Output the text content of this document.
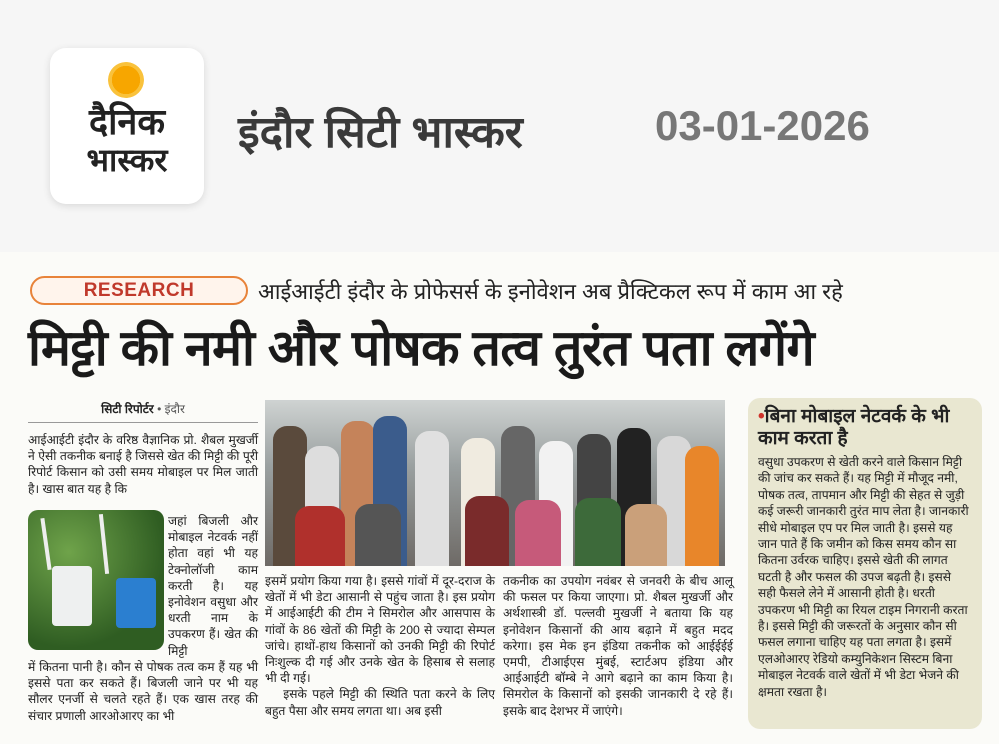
दैनिक
भास्कर
इंदौर सिटी भास्कर	03-01-2026
RESEARCH	आईआईटी इंदौर के प्रोफेसर्स के इनोवेशन अब प्रैक्टिकल रूप में काम आ रहे
मिट्टी की नमी और पोषक तत्व तुरंत पता लगेंगे
सिटी रिपोर्टर • इंदौर
आईआईटी इंदौर के वरिष्ठ वैज्ञानिक प्रो. शैबल मुखर्जी ने ऐसी तकनीक बनाई है जिससे खेत की मिट्टी की पूरी रिपोर्ट किसान को उसी समय मोबाइल पर मिल जाती है। खास बात यह है कि
जहां बिजली और मोबाइल नेटवर्क नहीं होता वहां भी यह टेक्नोलॉजी काम करती है। यह इनोवेशन वसुधा और धरती नाम के उपकरण हैं। खेत की मिट्टी
में कितना पानी है। कौन से पोषक तत्व कम हैं यह भी इससे पता कर सकते हैं। बिजली जाने पर भी यह सौलर एनर्जी से चलते रहते हैं। एक खास तरह की संचार प्रणाली आरओआरए का भी

इसमें प्रयोग किया गया है। इससे गांवों में दूर-दराज के खेतों में भी डेटा आसानी से पहुंच जाता है। इस प्रयोग में आईआईटी की टीम ने सिमरोल और आसपास के गांवों के 86 खेतों की मिट्टी के 200 से ज्यादा सेम्पल जांचे। हाथों-हाथ किसानों को उनकी मिट्टी की रिपोर्ट निःशुल्क दी गई और उनके खेत के हिसाब से सलाह भी दी गई।

इसके पहले मिट्टी की स्थिति पता करने के लिए बहुत पैसा और समय लगता था। अब इसी

तकनीक का उपयोग नवंबर से जनवरी के बीच आलू की फसल पर किया जाएगा। प्रो. शैबल मुखर्जी और अर्थशास्त्री डॉ. पल्लवी मुखर्जी ने बताया कि यह इनोवेशन किसानों की आय बढ़ाने में बहुत मदद करेगा। इस मेक इन इंडिया तकनीक को आईईईई एमपी, टीआईएस मुंबई, स्टार्टअप इंडिया और आईआईटी बॉम्बे ने आगे बढ़ाने का काम किया है। सिमरोल के किसानों को इसकी जानकारी दे रहे हैं। इसके बाद देशभर में जाएंगे।
•बिना मोबाइल नेटवर्क के भी काम करता है

वसुधा उपकरण से खेती करने वाले किसान मिट्टी की जांच कर सकते हैं। यह मिट्टी में मौजूद नमी, पोषक तत्व, तापमान और मिट्टी की सेहत से जुड़ी कई जरूरी जानकारी तुरंत माप लेता है। जानकारी सीधे मोबाइल एप पर मिल जाती है। इससे यह जान पाते हैं कि जमीन को किस समय कौन सा कितना उर्वरक चाहिए। इससे खेती की लागत घटती है और फसल की उपज बढ़ती है। इससे सही फैसले लेने में आसानी होती है। धरती उपकरण भी मिट्टी का रियल टाइम निगरानी करता है। इससे मिट्टी की जरूरतों के अनुसार कौन सी फसल लगाना चाहिए यह पता लगता है। इसमें एलओआरए रेडियो कम्युनिकेशन सिस्टम बिना मोबाइल नेटवर्क वाले खेतों में भी डेटा भेजने की क्षमता रखता है।
